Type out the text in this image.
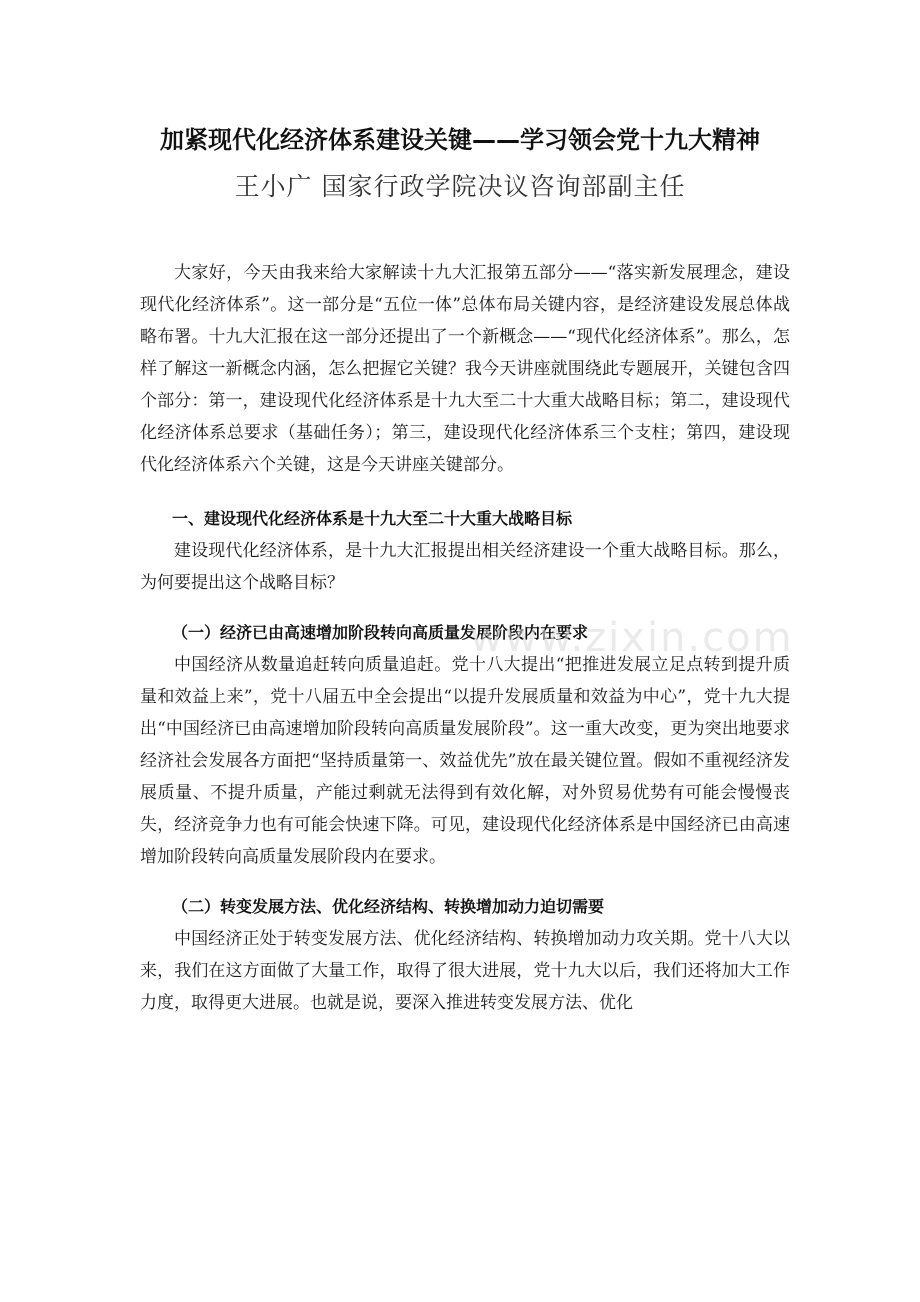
加紧现代化经济体系建设关键——学习领会党十九大精神
王小广 国家行政学院决议咨询部副主任

大家好，今天由我来给大家解读十九大汇报第五部分——“落实新发展理念，建设现代化经济体系”。这一部分是“五位一体”总体布局关键内容，是经济建设发展总体战略布署。十九大汇报在这一部分还提出了一个新概念——“现代化经济体系”。那么，怎样了解这一新概念内涵，怎么把握它关键？我今天讲座就围绕此专题展开，关键包含四个部分：第一，建设现代化经济体系是十九大至二十大重大战略目标；第二，建设现代化经济体系总要求（基础任务）；第三，建设现代化经济体系三个支柱；第四，建设现代化经济体系六个关键，这是今天讲座关键部分。

一、建设现代化经济体系是十九大至二十大重大战略目标

建设现代化经济体系，是十九大汇报提出相关经济建设一个重大战略目标。那么，为何要提出这个战略目标？

（一）经济已由高速增加阶段转向高质量发展阶段内在要求

中国经济从数量追赶转向质量追赶。党十八大提出“把推进发展立足点转到提升质量和效益上来”，党十八届五中全会提出“以提升发展质量和效益为中心”，党十九大提出“中国经济已由高速增加阶段转向高质量发展阶段”。这一重大改变，更为突出地要求经济社会发展各方面把“坚持质量第一、效益优先”放在最关键位置。假如不重视经济发展质量、不提升质量，产能过剩就无法得到有效化解，对外贸易优势有可能会慢慢丧失，经济竞争力也有可能会快速下降。可见，建设现代化经济体系是中国经济已由高速增加阶段转向高质量发展阶段内在要求。

（二）转变发展方法、优化经济结构、转换增加动力迫切需要

中国经济正处于转变发展方法、优化经济结构、转换增加动力攻关期。党十八大以来，我们在这方面做了大量工作，取得了很大进展，党十九大以后，我们还将加大工作力度，取得更大进展。也就是说，要深入推进转变发展方法、优化

www.zixin.com
